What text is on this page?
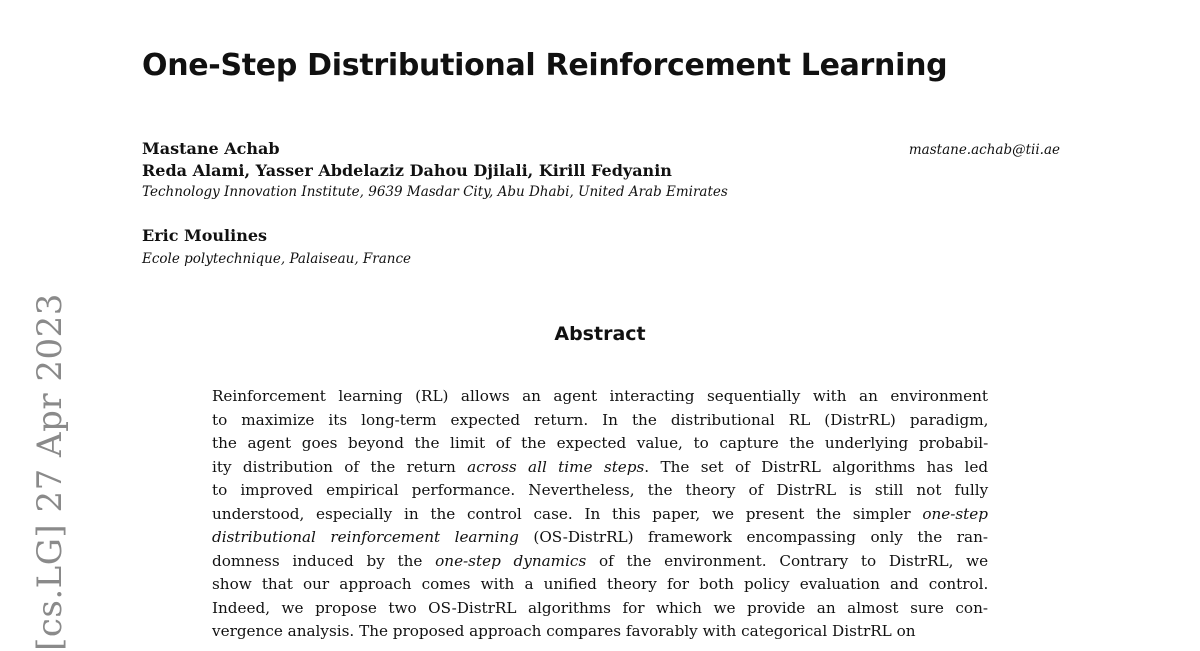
[cs.LG] 27 Apr 2023
One-Step Distributional Reinforcement Learning
Mastane Achab	mastane.achab@tii.ae
Reda Alami, Yasser Abdelaziz Dahou Djilali, Kirill Fedyanin
Technology Innovation Institute, 9639 Masdar City, Abu Dhabi, United Arab Emirates
Eric Moulines
Ecole polytechnique, Palaiseau, France
Abstract
Reinforcement learning (RL) allows an agent interacting sequentially with an environment
to maximize its long-term expected return. In the distributional RL (DistrRL) paradigm,
the agent goes beyond the limit of the expected value, to capture the underlying probabil-
ity distribution of the return across all time steps. The set of DistrRL algorithms has led
to improved empirical performance. Nevertheless, the theory of DistrRL is still not fully
understood, especially in the control case. In this paper, we present the simpler one-step
distributional reinforcement learning (OS-DistrRL) framework encompassing only the ran-
domness induced by the one-step dynamics of the environment. Contrary to DistrRL, we
show that our approach comes with a unified theory for both policy evaluation and control.
Indeed, we propose two OS-DistrRL algorithms for which we provide an almost sure con-
vergence analysis. The proposed approach compares favorably with categorical DistrRL on
